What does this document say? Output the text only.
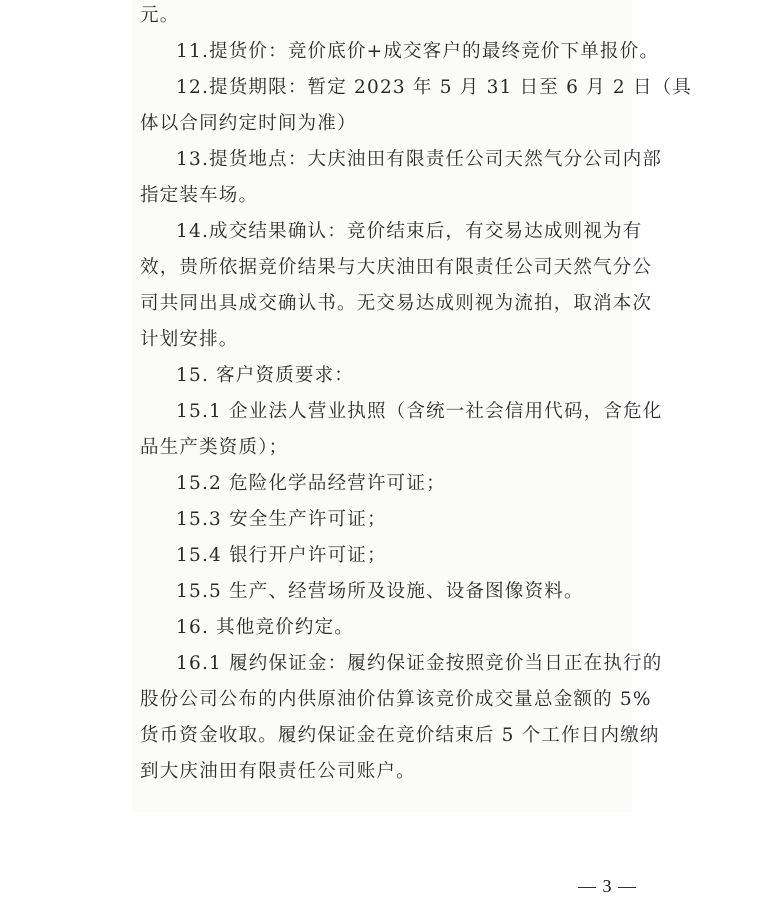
元。
11.提货价：竞价底价+成交客户的最终竞价下单报价。
12.提货期限：暂定 2023 年 5 月 31 日至 6 月 2 日（具
体以合同约定时间为准）
13.提货地点：大庆油田有限责任公司天然气分公司内部
指定装车场。
14.成交结果确认：竞价结束后，有交易达成则视为有
效，贵所依据竞价结果与大庆油田有限责任公司天然气分公
司共同出具成交确认书。无交易达成则视为流拍，取消本次
计划安排。
15. 客户资质要求：
15.1 企业法人营业执照（含统一社会信用代码，含危化
品生产类资质）；
15.2 危险化学品经营许可证；
15.3 安全生产许可证；
15.4 银行开户许可证；
15.5 生产、经营场所及设施、设备图像资料。
16. 其他竞价约定。
16.1 履约保证金：履约保证金按照竞价当日正在执行的
股份公司公布的内供原油价估算该竞价成交量总金额的 5%
货币资金收取。履约保证金在竞价结束后 5 个工作日内缴纳
到大庆油田有限责任公司账户。
— 3 —
